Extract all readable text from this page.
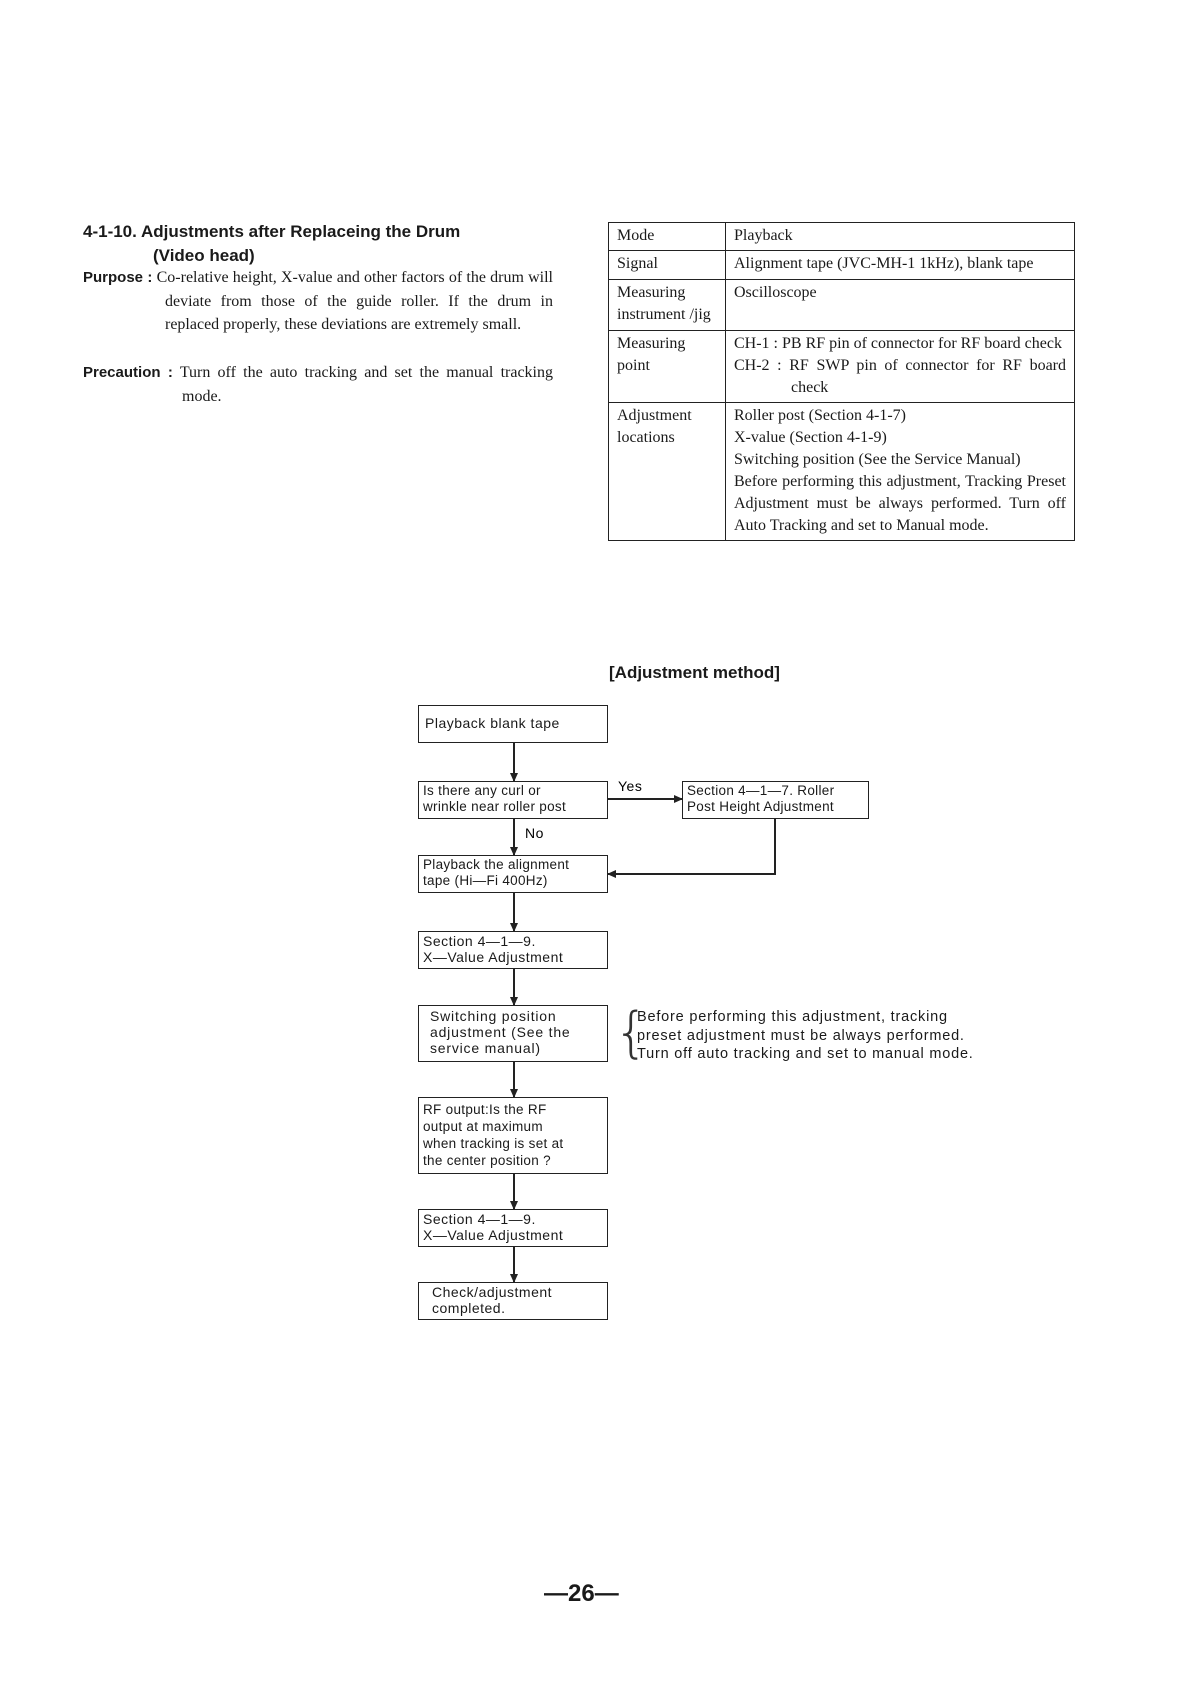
4-1-10. Adjustments after Replaceing the Drum
(Video head)
Purpose : Co-relative height, X-value and other factors of the drum will deviate from those of the guide roller. If the drum in replaced properly, these deviations are extremely small.
Precaution : Turn off the auto tracking and set the manual tracking mode.
Mode	Playback
Signal	Alignment tape (JVC-MH-1 1kHz), blank tape
Measuring instrument /jig	Oscilloscope
Measuring point	CH-1 : PB RF pin of connector for RF board check
CH-2 : RF SWP pin of connector for RF board check

Adjustment locations	Roller post (Section 4-1-7)
X-value (Section 4-1-9)
Switching position (See the Service Manual)
Before performing this adjustment, Tracking Preset Adjustment must be always performed. Turn off Auto Tracking and set to Manual mode.
[Adjustment method]
Yes
No
Playback blank tape
Is there any curl or
wrinkle near roller post
Section 4—1—7. Roller
Post Height Adjustment
Playback the alignment
tape (Hi—Fi 400Hz)
Section 4—1—9.
X—Value Adjustment
Switching position
adjustment (See the
service manual)
RF output:Is the RF
output at maximum
when tracking is set at
the center position ?
Section 4—1—9.
X—Value Adjustment
Check/adjustment
completed.
{
Before performing this adjustment, tracking
preset adjustment must be always performed.
Turn off auto tracking and set to manual mode.
—26—
